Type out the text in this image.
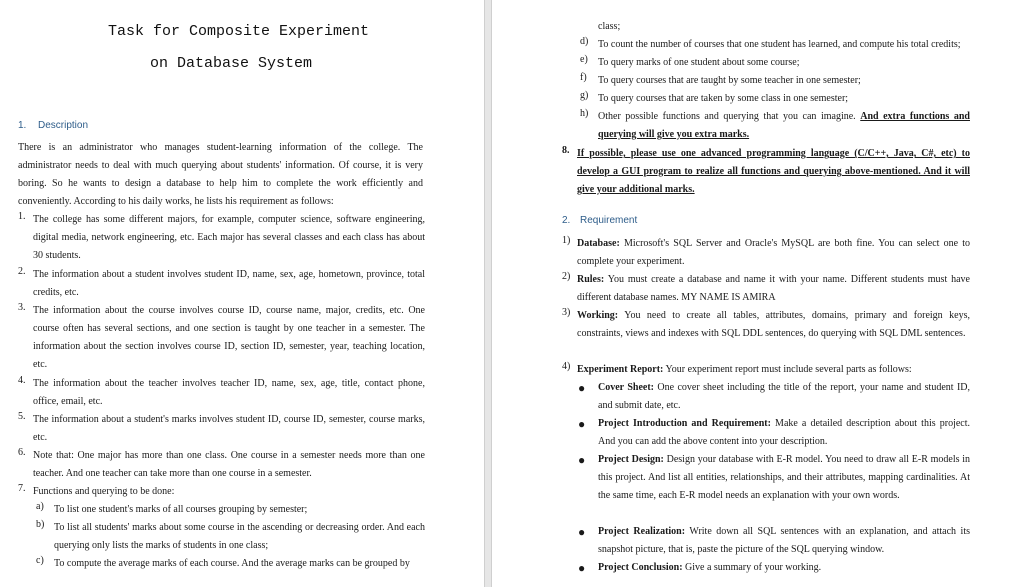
Task for Composite Experiment
on Database System
1. Description
There is an administrator who manages student-learning information of the college. The administrator needs to deal with much querying about students' information. Of course, it is very boring. So he wants to design a database to help him to complete the work efficiently and conveniently. According to his daily works, he lists his requirement as follows:
1. The college has some different majors, for example, computer science, software engineering, digital media, network engineering, etc. Each major has several classes and each class has about 30 students.
2. The information about a student involves student ID, name, sex, age, hometown, province, total credits, etc.
3. The information about the course involves course ID, course name, major, credits, etc. One course often has several sections, and one section is taught by one teacher in a semester. The information about the section involves course ID, section ID, semester, year, teaching location, etc.
4. The information about the teacher involves teacher ID, name, sex, age, title, contact phone, office, email, etc.
5. The information about a student's marks involves student ID, course ID, semester, course marks, etc.
6. Note that: One major has more than one class. One course in a semester needs more than one teacher. And one teacher can take more than one course in a semester.
7. Functions and querying to be done:
a) To list one student's marks of all courses grouping by semester;
b) To list all students' marks about some course in the ascending or decreasing order. And each querying only lists the marks of students in one class;
c) To compute the average marks of each course. And the average marks can be grouped by
class;
d) To count the number of courses that one student has learned, and compute his total credits;
e) To query marks of one student about some course;
f) To query courses that are taught by some teacher in one semester;
g) To query courses that are taken by some class in one semester;
h) Other possible functions and querying that you can imagine. And extra functions and querying will give you extra marks.
8. If possible, please use one advanced programming language (C/C++, Java, C#, etc) to develop a GUI program to realize all functions and querying above-mentioned. And it will give your additional marks.
2. Requirement
1) Database: Microsoft's SQL Server and Oracle's MySQL are both fine. You can select one to complete your experiment.
2) Rules: You must create a database and name it with your name. Different students must have different database names. MY NAME IS AMIRA
3) Working: You need to create all tables, attributes, domains, primary and foreign keys, constraints, views and indexes with SQL DDL sentences, do querying with SQL DML sentences.
4) Experiment Report: Your experiment report must include several parts as follows:
● Cover Sheet: One cover sheet including the title of the report, your name and student ID, and submit date, etc.
● Project Introduction and Requirement: Make a detailed description about this project. And you can add the above content into your description.
● Project Design: Design your database with E-R model. You need to draw all E-R models in this project. And list all entities, relationships, and their attributes, mapping cardinalities. At the same time, each E-R model needs an explanation with your own words.
● Project Realization: Write down all SQL sentences with an explanation, and attach its snapshot picture, that is, paste the picture of the SQL querying window.
● Project Conclusion: Give a summary of your working.
